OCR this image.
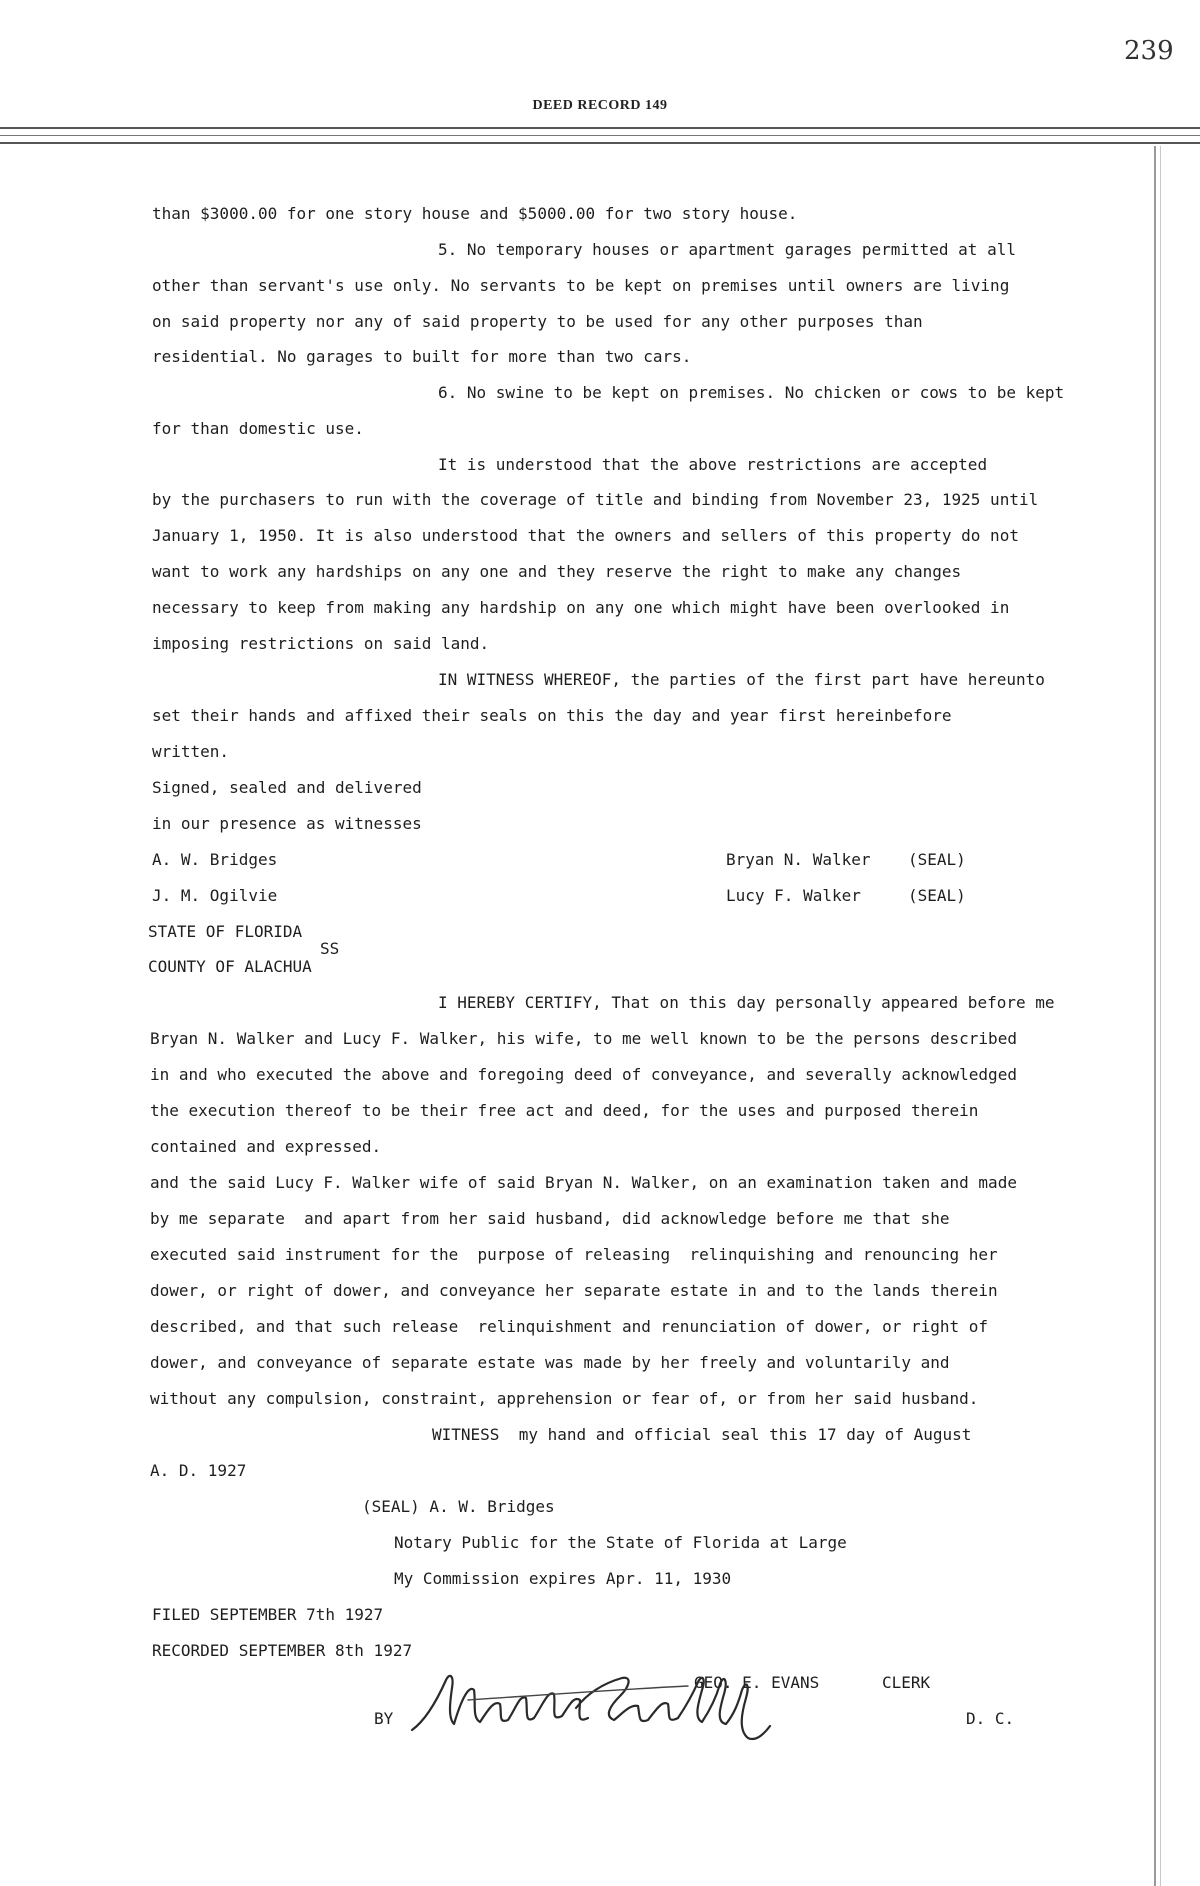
239
DEED RECORD 149
than $3000.00 for one story house and $5000.00 for two story house.
5. No temporary houses or apartment garages permitted at all
other than servant's use only. No servants to be kept on premises until owners are living
on said property nor any of said property to be used for any other purposes than
residential. No garages to built for more than two cars.
6. No swine to be kept on premises. No chicken or cows to be kept
for than domestic use.
It is understood that the above restrictions are accepted
by the purchasers to run with the coverage of title and binding from November 23, 1925 until
January 1, 1950. It is also understood that the owners and sellers of this property do not
want to work any hardships on any one and they reserve the right to make any changes
necessary to keep from making any hardship on any one which might have been overlooked in
imposing restrictions on said land.
IN WITNESS WHEREOF, the parties of the first part have hereunto
set their hands and affixed their seals on this the day and year first hereinbefore
written.
Signed, sealed and delivered
in our presence as witnesses
A. W. Bridges
J. M. Ogilvie
Bryan N. Walker (SEAL)
Lucy F. Walker	(SEAL)
STATE OF FLORIDA
SS
COUNTY OF ALACHUA
I HEREBY CERTIFY, That on this day personally appeared before me
Bryan N. Walker and Lucy F. Walker, his wife, to me well known to be the persons described
in and who executed the above and foregoing deed of conveyance, and severally acknowledged
the execution thereof to be their free act and deed, for the uses and purposed therein
contained and expressed.
and the said Lucy F. Walker wife of said Bryan N. Walker, on an examination taken and made
by me separate  and apart from her said husband, did acknowledge before me that she
executed said instrument for the  purpose of releasing  relinquishing and renouncing her
dower, or right of dower, and conveyance her separate estate in and to the lands therein
described, and that such release  relinquishment and renunciation of dower, or right of
dower, and conveyance of separate estate was made by her freely and voluntarily and
without any compulsion, constraint, apprehension or fear of, or from her said husband.
WITNESS  my hand and official seal this 17 day of August
A. D. 1927
(SEAL) A. W. Bridges
Notary Public for the State of Florida at Large
My Commission expires Apr. 11, 1930
FILED SEPTEMBER 7th 1927
RECORDED SEPTEMBER 8th 1927
GEO. E. EVANS	CLERK
BY	D. C.
